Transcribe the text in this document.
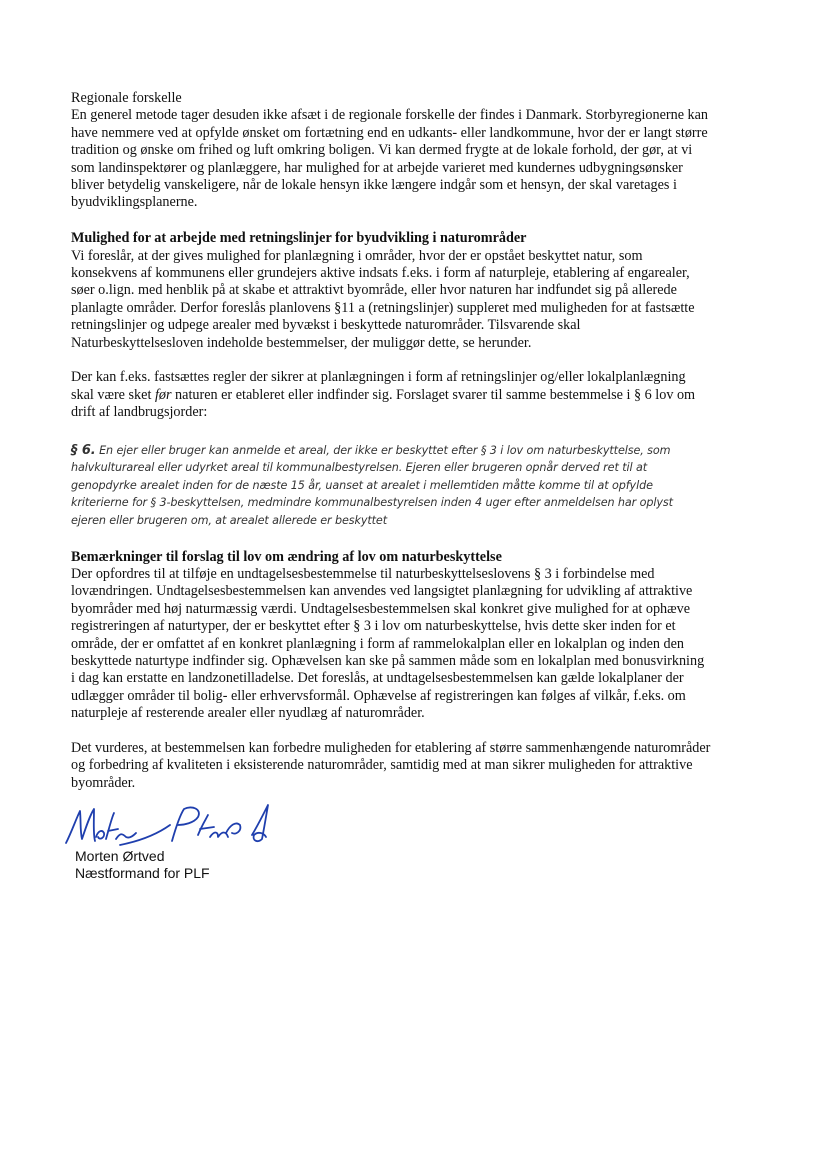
Regionale forskelle

En generel metode tager desuden ikke afsæt i de regionale forskelle der findes i Danmark. Storbyregionerne kan

have nemmere ved at opfylde ønsket om fortætning end en udkants- eller landkommune, hvor der er langt større

tradition og ønske om frihed og luft omkring boligen. Vi kan dermed frygte at de lokale forhold, der gør, at vi

som landinspektører og planlæggere, har mulighed for at arbejde varieret med kundernes udbygningsønsker

bliver betydelig vanskeligere, når de lokale hensyn ikke længere indgår som et hensyn, der skal varetages i

byudviklingsplanerne.

Mulighed for at arbejde med retningslinjer for byudvikling i naturområder

Vi foreslår, at der gives mulighed for planlægning i områder, hvor der er opstået beskyttet natur, som

konsekvens af kommunens eller grundejers aktive indsats f.eks. i form af naturpleje, etablering af engarealer,

søer o.lign. med henblik på at skabe et attraktivt byområde, eller hvor naturen har indfundet sig på allerede

planlagte områder. Derfor foreslås planlovens §11 a (retningslinjer) suppleret med muligheden for at fastsætte

retningslinjer og udpege arealer med byvækst i beskyttede naturområder. Tilsvarende skal

Naturbeskyttelsesloven indeholde bestemmelser, der muliggør dette, se herunder.

Der kan f.eks. fastsættes regler der sikrer at planlægningen i form af retningslinjer og/eller lokalplanlægning

skal være sket før naturen er etableret eller indfinder sig. Forslaget svarer til samme bestemmelse i § 6 lov om

drift af landbrugsjorder:

§ 6. En ejer eller bruger kan anmelde et areal, der ikke er beskyttet efter § 3 i lov om naturbeskyttelse, som

halvkulturareal eller udyrket areal til kommunalbestyrelsen. Ejeren eller brugeren opnår derved ret til at

genopdyrke arealet inden for de næste 15 år, uanset at arealet i mellemtiden måtte komme til at opfylde

kriterierne for § 3-beskyttelsen, medmindre kommunalbestyrelsen inden 4 uger efter anmeldelsen har oplyst

ejeren eller brugeren om, at arealet allerede er beskyttet

Bemærkninger til forslag til lov om ændring af lov om naturbeskyttelse

Der opfordres til at tilføje en undtagelsesbestemmelse til naturbeskyttelseslovens § 3 i forbindelse med

lovændringen. Undtagelsesbestemmelsen kan anvendes ved langsigtet planlægning for udvikling af attraktive

byområder med høj naturmæssig værdi. Undtagelsesbestemmelsen skal konkret give mulighed for at ophæve

registreringen af naturtyper, der er beskyttet efter § 3 i lov om naturbeskyttelse, hvis dette sker inden for et

område, der er omfattet af en konkret planlægning i form af rammelokalplan eller en lokalplan og inden den

beskyttede naturtype indfinder sig. Ophævelsen kan ske på sammen måde som en lokalplan med bonusvirkning

i dag kan erstatte en landzonetilladelse. Det foreslås, at undtagelsesbestemmelsen kan gælde lokalplaner der

udlægger områder til bolig- eller erhvervsformål. Ophævelse af registreringen kan følges af vilkår, f.eks. om

naturpleje af resterende arealer eller nyudlæg af naturområder.

Det vurderes, at bestemmelsen kan forbedre muligheden for etablering af større sammenhængende naturområder

og forbedring af kvaliteten i eksisterende naturområder, samtidig med at man sikrer muligheden for attraktive

byområder.

Morten Ørtved
Næstformand for PLF
